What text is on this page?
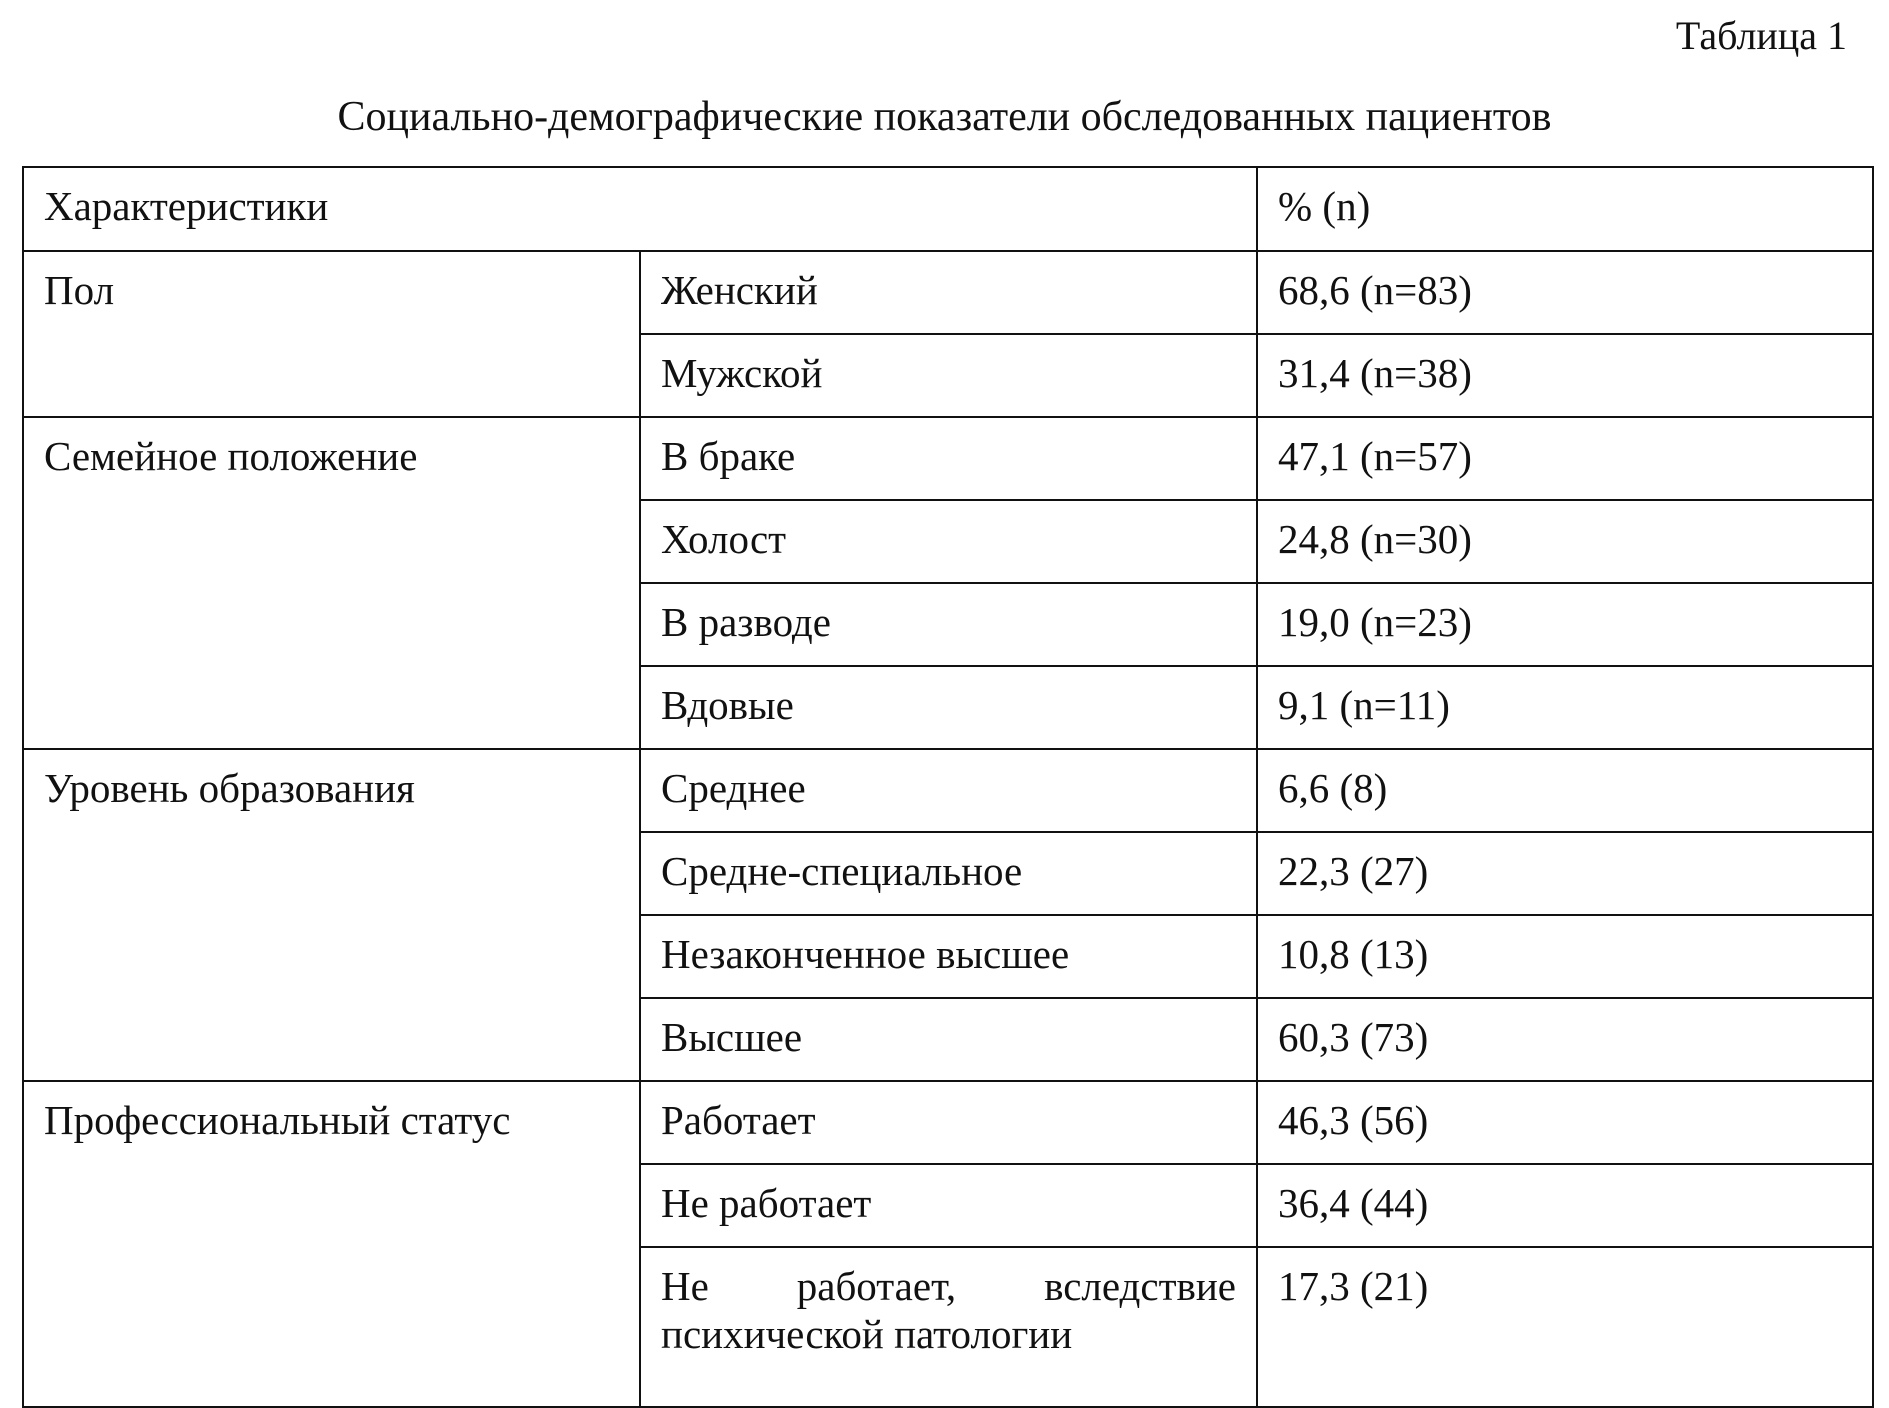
Таблица 1
Социально-демографические показатели обследованных пациентов
Характеристики		% (n)
Пол	Женский	68,6 (n=83)
	Мужской	31,4 (n=38)
Семейное положение	В браке	47,1 (n=57)
	Холост	24,8 (n=30)
	В разводе	19,0 (n=23)
	Вдовые	9,1 (n=11)
Уровень образования	Среднее	6,6 (8)
	Средне-специальное	22,3 (27)
	Незаконченное высшее	10,8 (13)
	Высшее	60,3 (73)
Профессиональный статус	Работает	46,3 (56)
	Не работает	36,4 (44)
	Не работает, вследствие психической патологии	17,3 (21)
